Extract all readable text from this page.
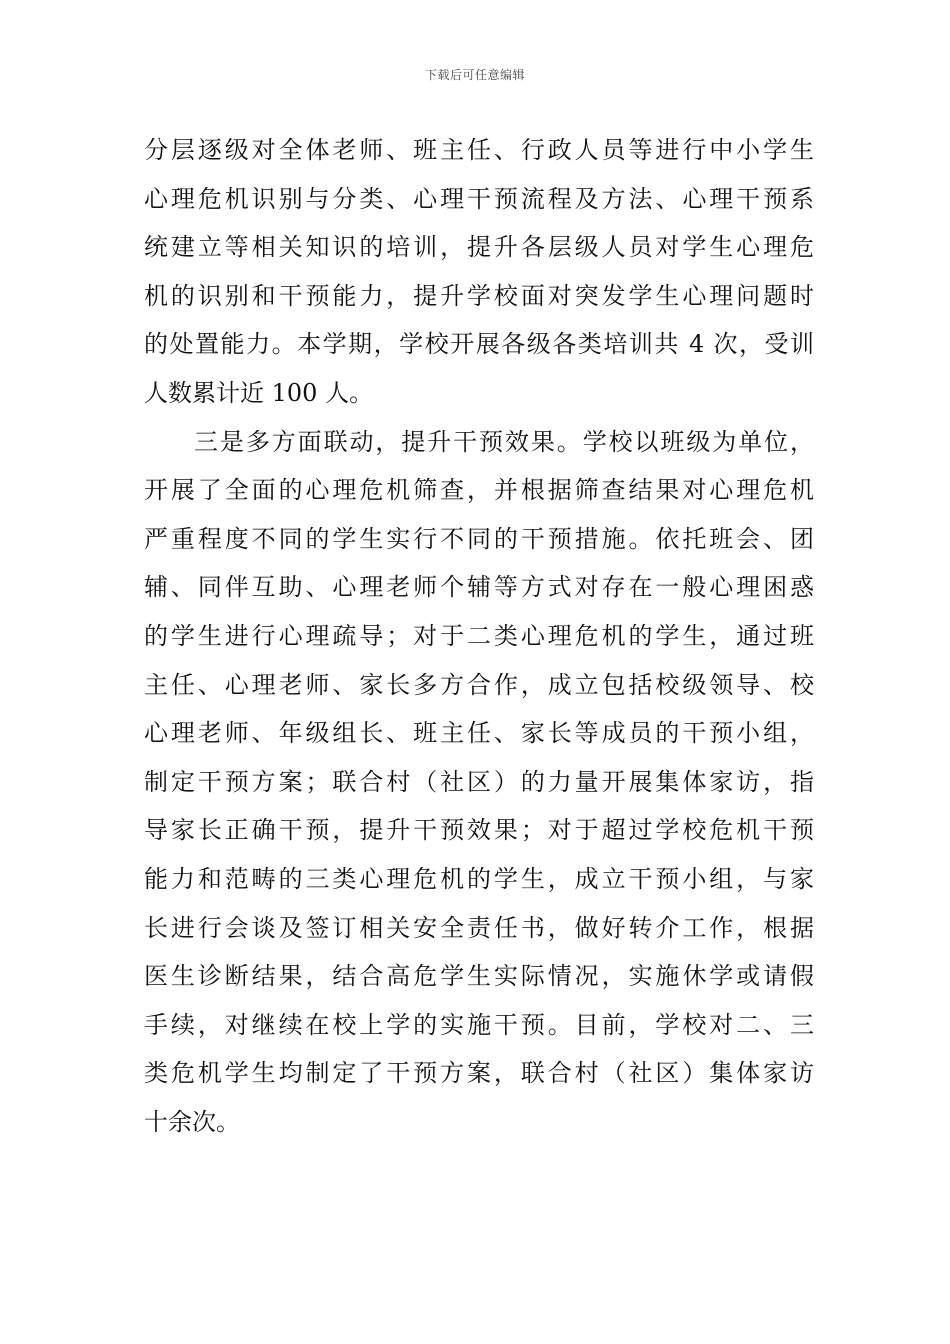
下载后可任意编辑
分层逐级对全体老师、班主任、行政人员等进行中小学生
心理危机识别与分类、心理干预流程及方法、心理干预系
统建立等相关知识的培训，提升各层级人员对学生心理危
机的识别和干预能力，提升学校面对突发学生心理问题时
的处置能力。本学期，学校开展各级各类培训共 4 次，受训
人数累计近 100 人。
三是多方面联动，提升干预效果。学校以班级为单位，
开展了全面的心理危机筛查，并根据筛查结果对心理危机
严重程度不同的学生实行不同的干预措施。依托班会、团
辅、同伴互助、心理老师个辅等方式对存在一般心理困惑
的学生进行心理疏导；对于二类心理危机的学生，通过班
主任、心理老师、家长多方合作，成立包括校级领导、校
心理老师、年级组长、班主任、家长等成员的干预小组，
制定干预方案；联合村（社区）的力量开展集体家访，指
导家长正确干预，提升干预效果；对于超过学校危机干预
能力和范畴的三类心理危机的学生，成立干预小组，与家
长进行会谈及签订相关安全责任书，做好转介工作，根据
医生诊断结果，结合高危学生实际情况，实施休学或请假
手续，对继续在校上学的实施干预。目前，学校对二、三
类危机学生均制定了干预方案，联合村（社区）集体家访
十余次。
